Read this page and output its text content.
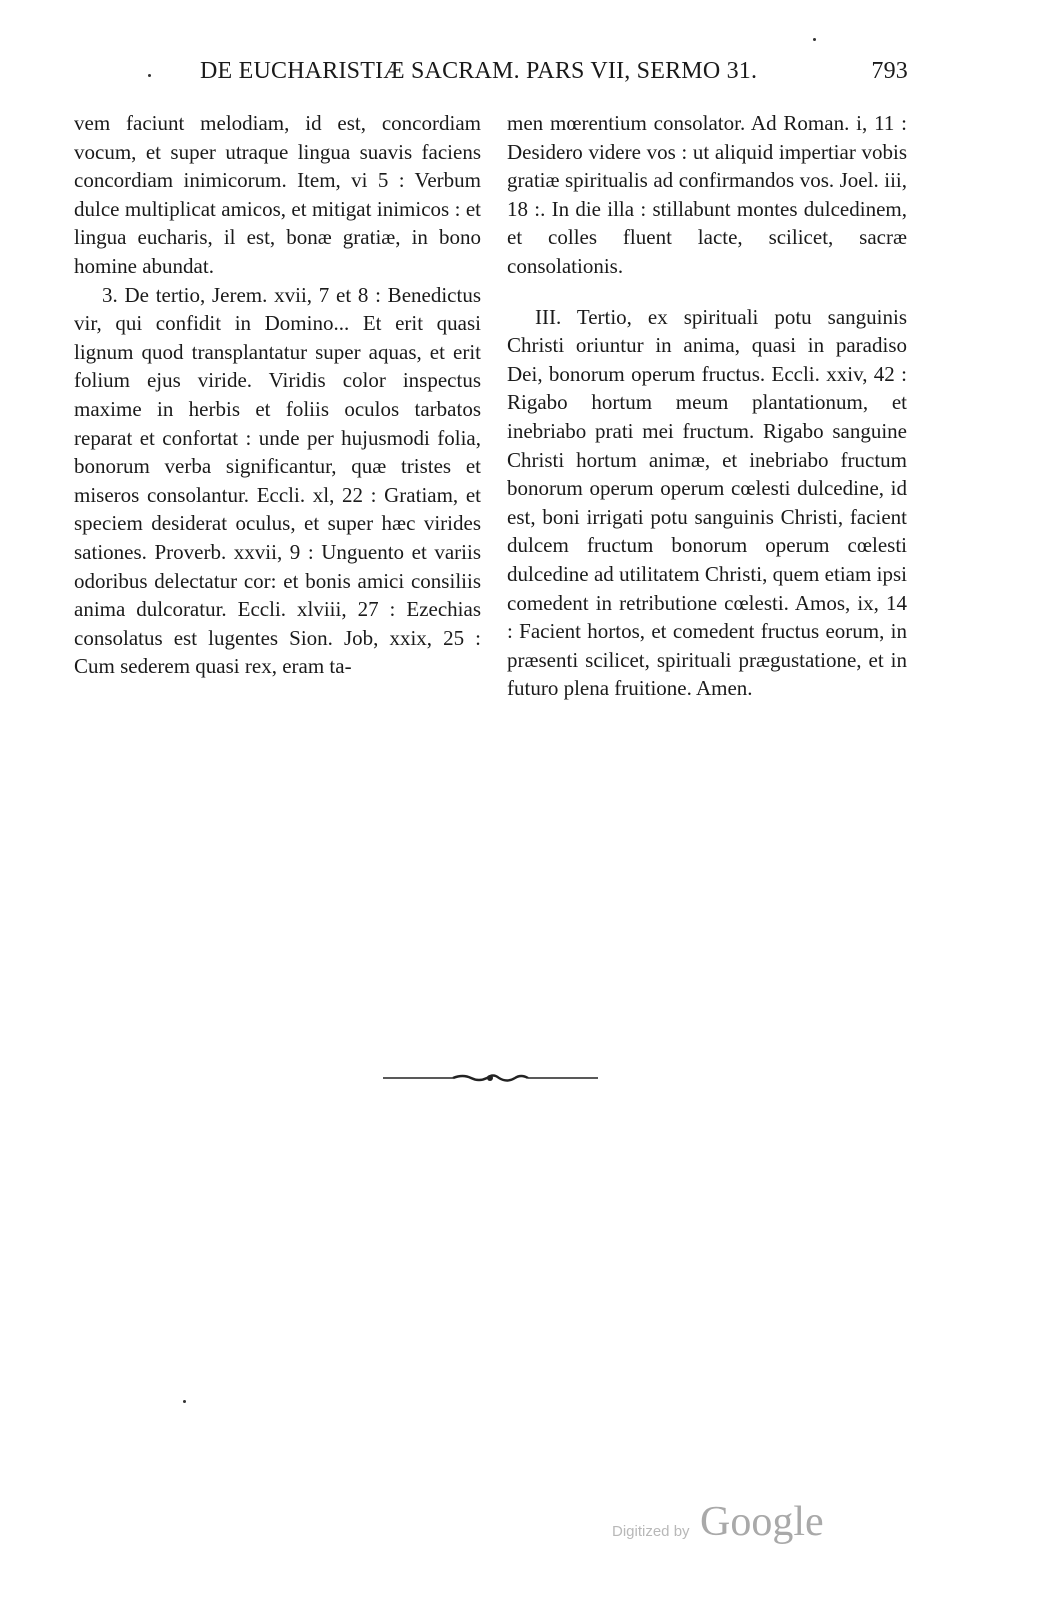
DE EUCHARISTIÆ SACRAM. PARS VII, SERMO 31.	793

vem faciunt melodiam, id est, concordiam vocum, et super utraque lingua suavis faciens concordiam inimicorum. Item, vi 5 : Verbum dulce multiplicat amicos, et mitigat inimicos : et lingua eucharis, il est, bonæ gratiæ, in bono homine abundat.

3. De tertio, Jerem. xvii, 7 et 8 : Benedictus vir, qui confidit in Domino... Et erit quasi lignum quod transplantatur super aquas, et erit folium ejus viride. Viridis color inspectus maxime in herbis et foliis oculos tarbatos reparat et confortat : unde per hujusmodi folia, bonorum verba significantur, quæ tristes et miseros consolantur. Eccli. xl, 22 : Gratiam, et speciem desiderat oculus, et super hæc virides sationes. Proverb. xxvii, 9 : Unguento et variis odoribus delectatur cor: et bonis amici consiliis anima dulcoratur. Eccli. xlviii, 27 : Ezechias consolatus est lugentes Sion. Job, xxix, 25 : Cum sederem quasi rex, eram ta-

men mœrentium consolator. Ad Roman. i, 11 : Desidero videre vos : ut aliquid impertiar vobis gratiæ spiritualis ad confirmandos vos. Joel. iii, 18 :. In die illa : stillabunt montes dulcedinem, et colles fluent lacte, scilicet, sacræ consolationis.

III. Tertio, ex spirituali potu sanguinis Christi oriuntur in anima, quasi in paradiso Dei, bonorum operum fructus. Eccli. xxiv, 42 : Rigabo hortum meum plantationum, et inebriabo prati mei fructum. Rigabo sanguine Christi hortum animæ, et inebriabo fructum bonorum operum operum cœlesti dulcedine, id est, boni irrigati potu sanguinis Christi, facient dulcem fructum bonorum operum cœlesti dulcedine ad utilitatem Christi, quem etiam ipsi comedent in retributione cœlesti. Amos, ix, 14 : Facient hortos, et comedent fructus eorum, in præsenti scilicet, spirituali prægustatione, et in futuro plena fruitione. Amen.

Digitized by Google
